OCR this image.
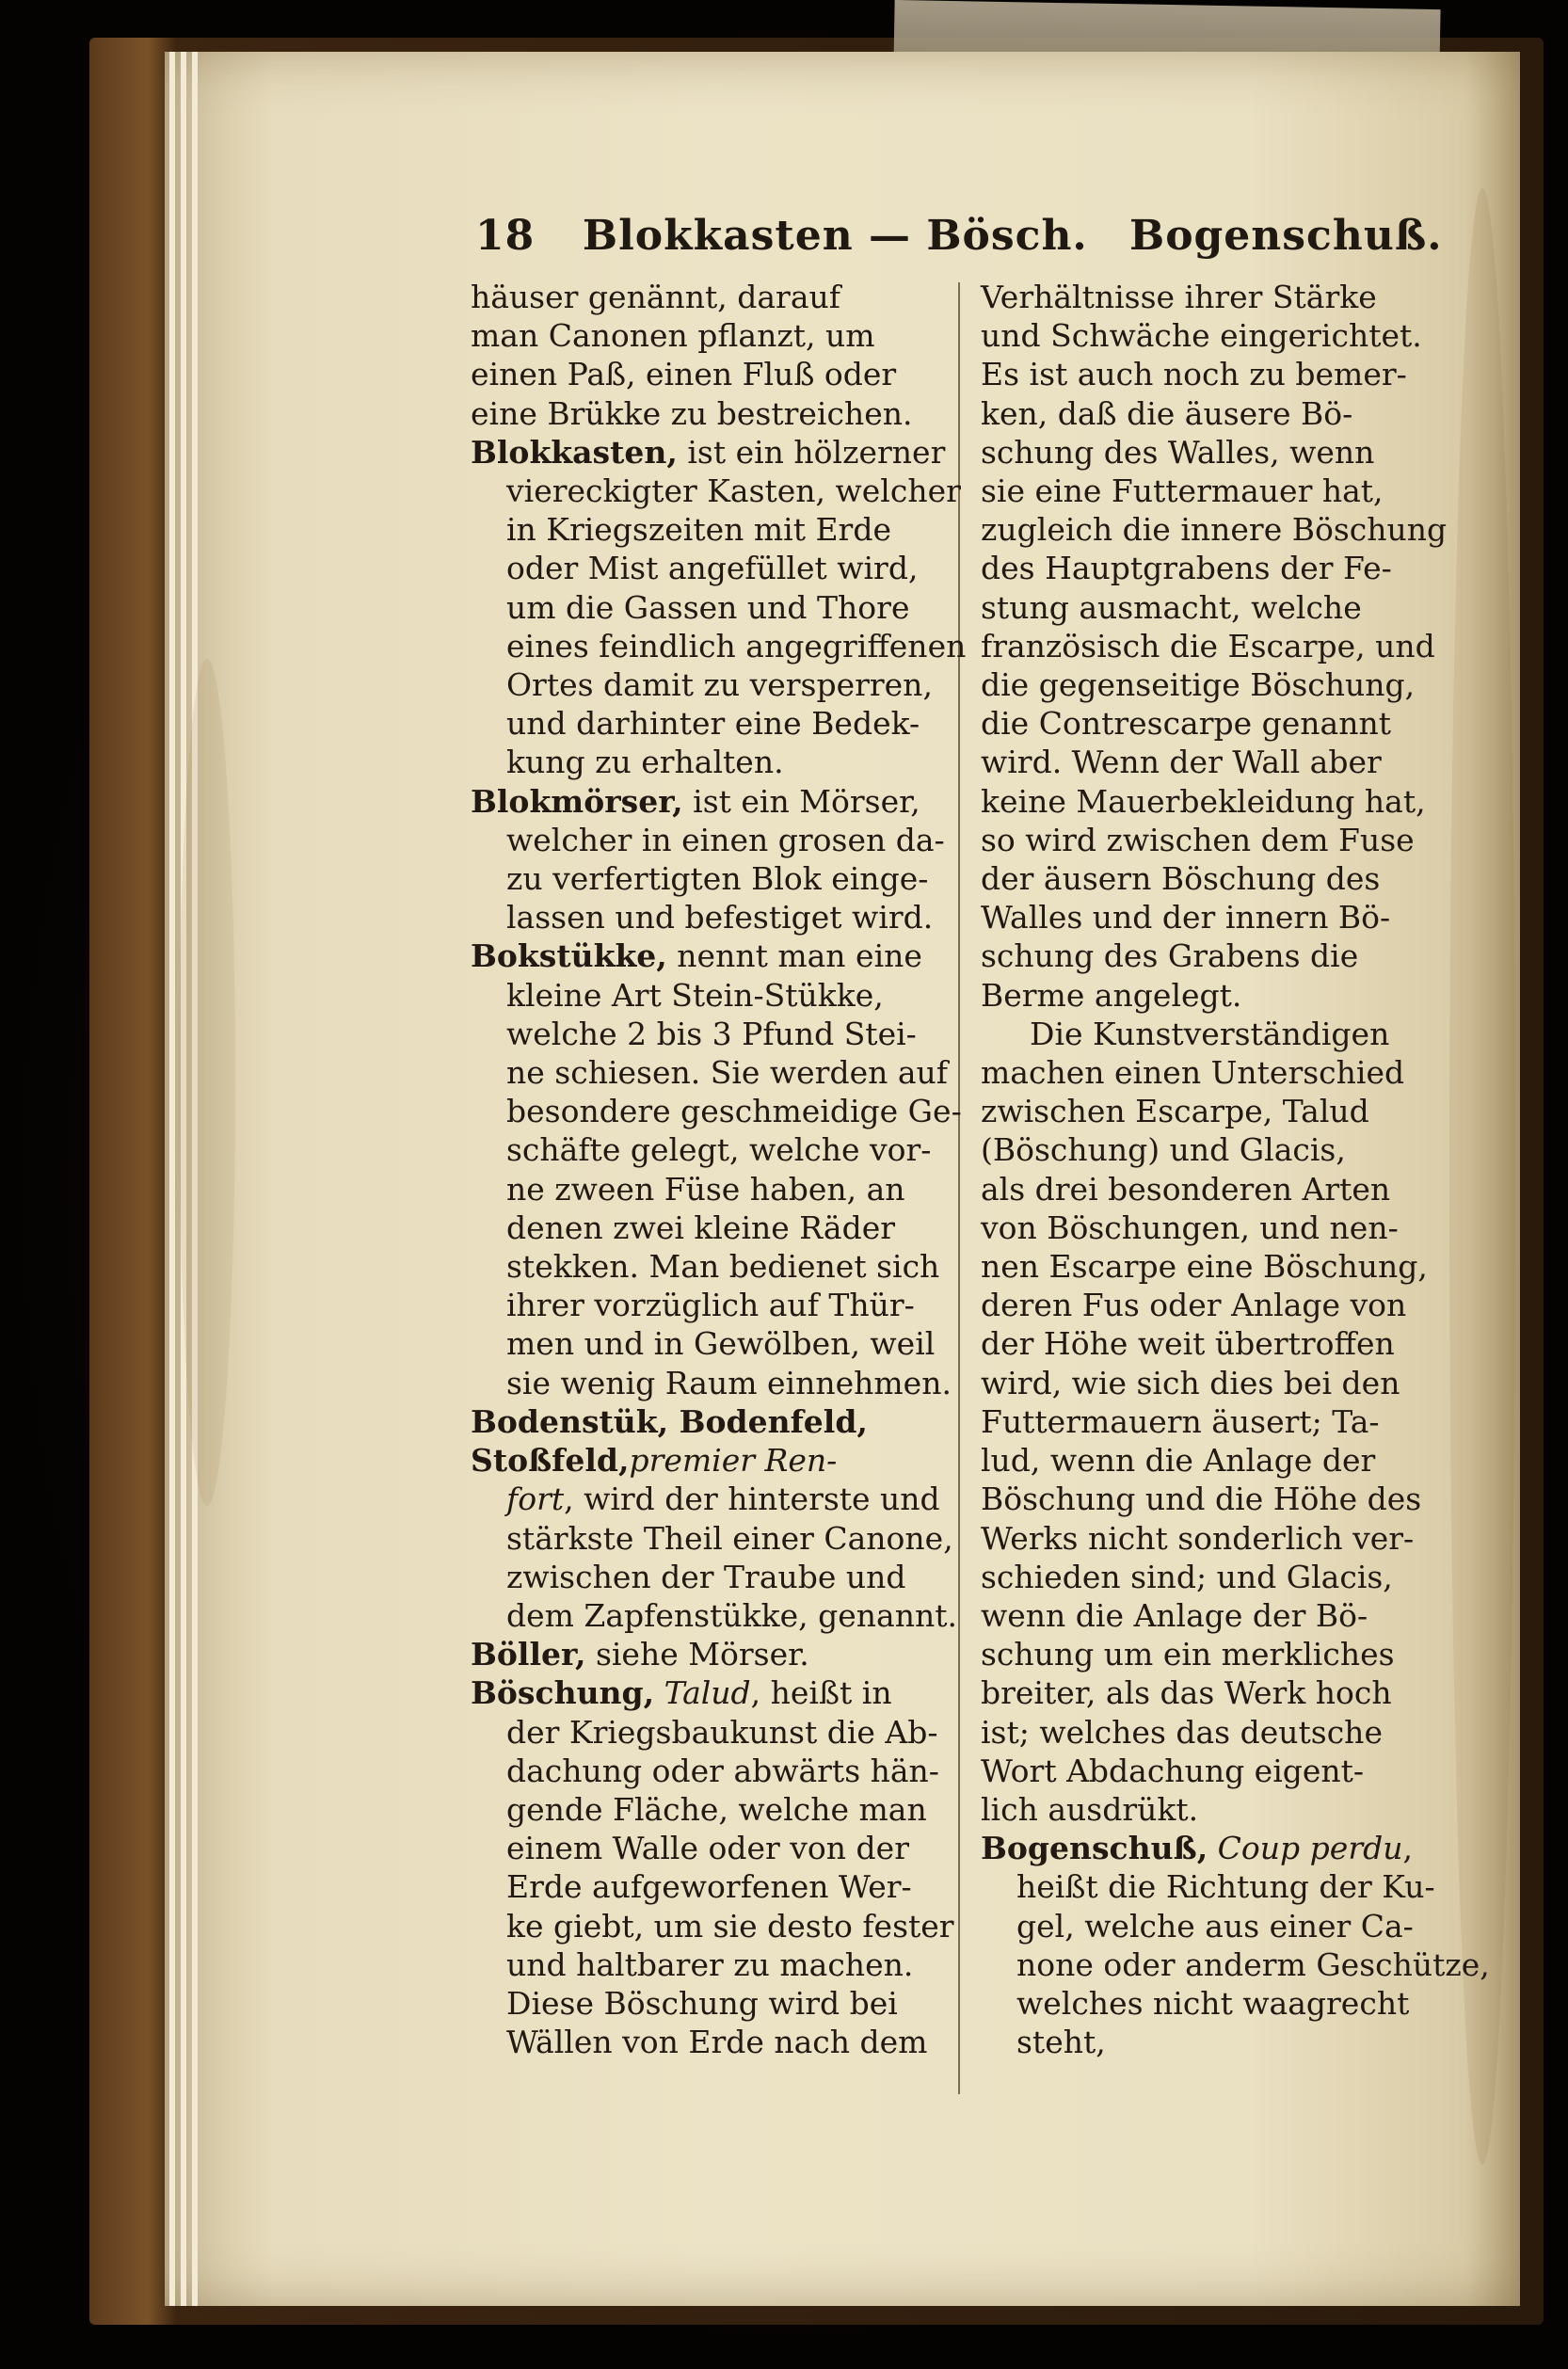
18 Blokkasten — Bösch. Bogenschuß.

häuser genännt, darauf

man Canonen pflanzt, um

einen Paß, einen Fluß oder

eine Brükke zu bestreichen.

Blokkasten, ist ein hölzerner

viereckigter Kasten, welcher

in Kriegszeiten mit Erde

oder Mist angefüllet wird,

um die Gassen und Thore

eines feindlich angegriffenen

Ortes damit zu versperren,

und darhinter eine Bedek-

kung zu erhalten.

Blokmörser, ist ein Mörser,

welcher in einen grosen da-

zu verfertigten Blok einge-

lassen und befestiget wird.

Bokstükke, nennt man eine

kleine Art Stein-Stükke,

welche 2 bis 3 Pfund Stei-

ne schiesen. Sie werden auf

besondere geschmeidige Ge-

schäfte gelegt, welche vor-

ne zween Füse haben, an

denen zwei kleine Räder

stekken. Man bedienet sich

ihrer vorzüglich auf Thür-

men und in Gewölben, weil

sie wenig Raum einnehmen.

Bodenstük, Bodenfeld,

Stoßfeld,premier Ren-

fort, wird der hinterste und

stärkste Theil einer Canone,

zwischen der Traube und

dem Zapfenstükke, genannt.

Böller, siehe Mörser.

Böschung, Talud, heißt in

der Kriegsbaukunst die Ab-

dachung oder abwärts hän-

gende Fläche, welche man

einem Walle oder von der

Erde aufgeworfenen Wer-

ke giebt, um sie desto fester

und haltbarer zu machen.

Diese Böschung wird bei

Wällen von Erde nach dem

Verhältnisse ihrer Stärke

und Schwäche eingerichtet.

Es ist auch noch zu bemer-

ken, daß die äusere Bö-

schung des Walles, wenn

sie eine Futtermauer hat,

zugleich die innere Böschung

des Hauptgrabens der Fe-

stung ausmacht, welche

französisch die Escarpe, und

die gegenseitige Böschung,

die Contrescarpe genannt

wird. Wenn der Wall aber

keine Mauerbekleidung hat,

so wird zwischen dem Fuse

der äusern Böschung des

Walles und der innern Bö-

schung des Grabens die

Berme angelegt.

Die Kunstverständigen

machen einen Unterschied

zwischen Escarpe, Talud

(Böschung) und Glacis,

als drei besonderen Arten

von Böschungen, und nen-

nen Escarpe eine Böschung,

deren Fus oder Anlage von

der Höhe weit übertroffen

wird, wie sich dies bei den

Futtermauern äusert; Ta-

lud, wenn die Anlage der

Böschung und die Höhe des

Werks nicht sonderlich ver-

schieden sind; und Glacis,

wenn die Anlage der Bö-

schung um ein merkliches

breiter, als das Werk hoch

ist; welches das deutsche

Wort Abdachung eigent-

lich ausdrükt.

Bogenschuß, Coup perdu,

heißt die Richtung der Ku-

gel, welche aus einer Ca-

none oder anderm Geschütze,

welches nicht waagrecht

steht,
